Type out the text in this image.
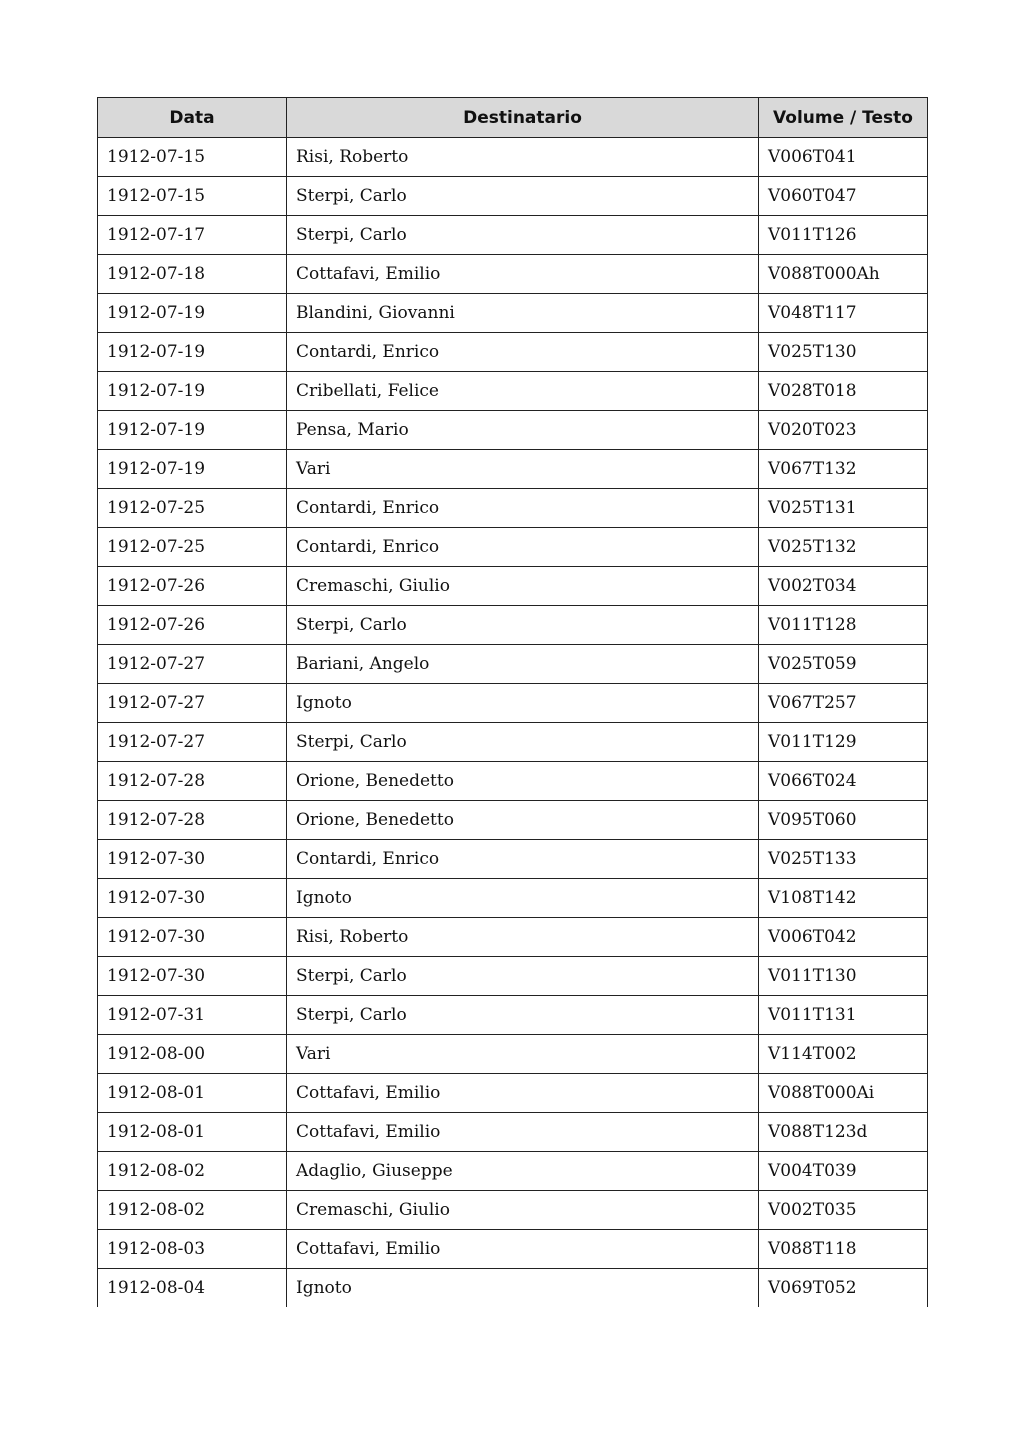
Data	Destinatario	Volume / Testo
1912-07-15	Risi, Roberto	V006T041
1912-07-15	Sterpi, Carlo	V060T047
1912-07-17	Sterpi, Carlo	V011T126
1912-07-18	Cottafavi, Emilio	V088T000Ah
1912-07-19	Blandini, Giovanni	V048T117
1912-07-19	Contardi, Enrico	V025T130
1912-07-19	Cribellati, Felice	V028T018
1912-07-19	Pensa, Mario	V020T023
1912-07-19	Vari	V067T132
1912-07-25	Contardi, Enrico	V025T131
1912-07-25	Contardi, Enrico	V025T132
1912-07-26	Cremaschi, Giulio	V002T034
1912-07-26	Sterpi, Carlo	V011T128
1912-07-27	Bariani, Angelo	V025T059
1912-07-27	Ignoto	V067T257
1912-07-27	Sterpi, Carlo	V011T129
1912-07-28	Orione, Benedetto	V066T024
1912-07-28	Orione, Benedetto	V095T060
1912-07-30	Contardi, Enrico	V025T133
1912-07-30	Ignoto	V108T142
1912-07-30	Risi, Roberto	V006T042
1912-07-30	Sterpi, Carlo	V011T130
1912-07-31	Sterpi, Carlo	V011T131
1912-08-00	Vari	V114T002
1912-08-01	Cottafavi, Emilio	V088T000Ai
1912-08-01	Cottafavi, Emilio	V088T123d
1912-08-02	Adaglio, Giuseppe	V004T039
1912-08-02	Cremaschi, Giulio	V002T035
1912-08-03	Cottafavi, Emilio	V088T118
1912-08-04	Ignoto	V069T052
